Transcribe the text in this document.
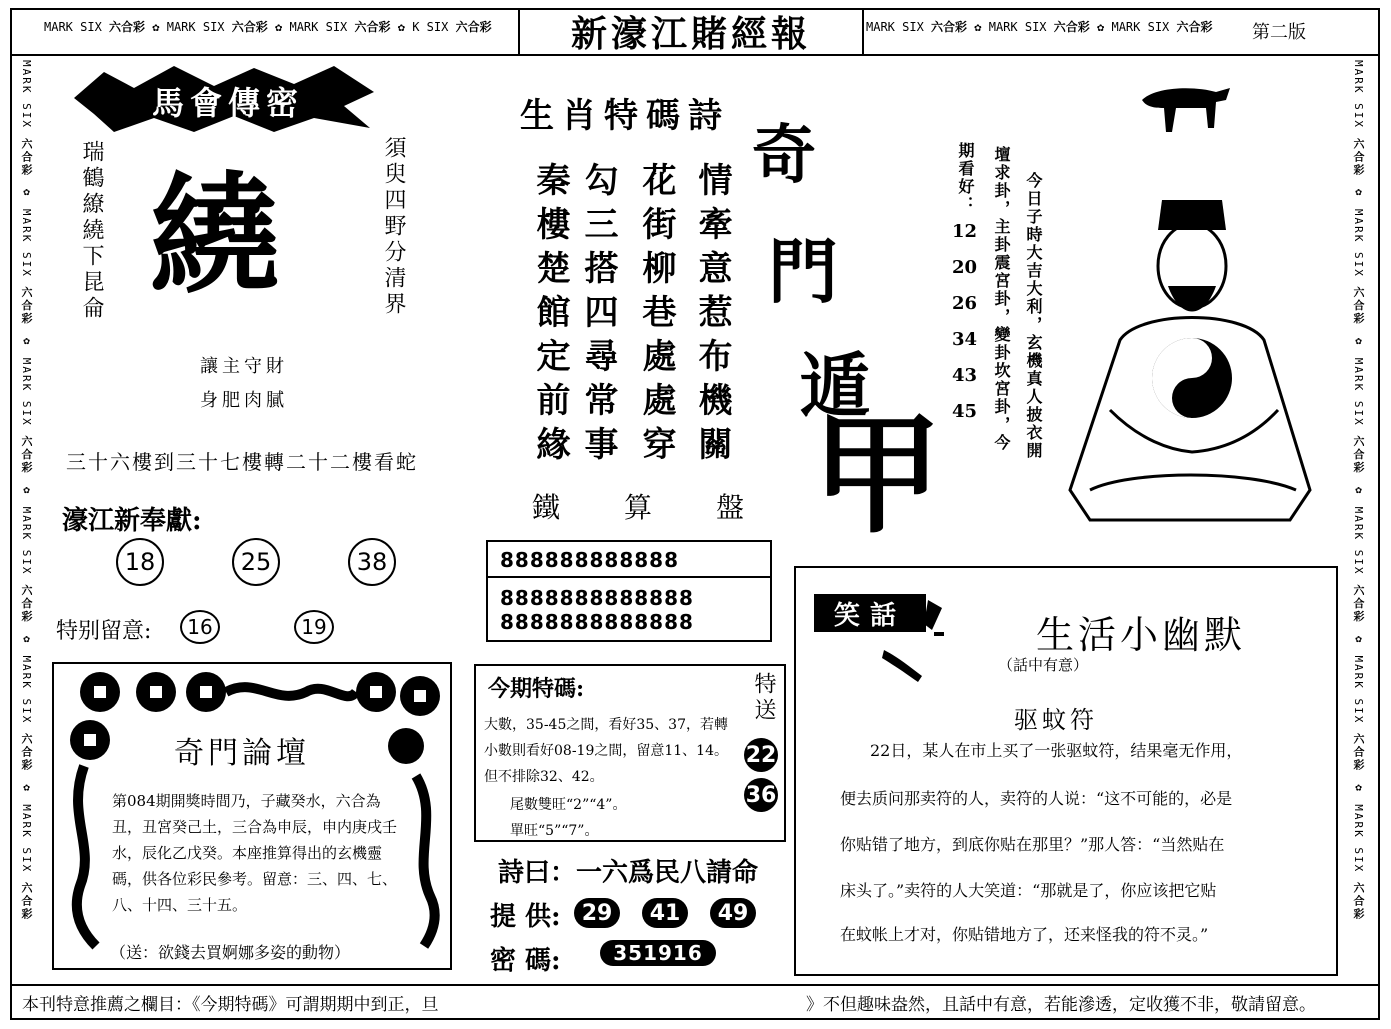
MARK SIX 六合彩 ✿ MARK SIX 六合彩 ✿ MARK SIX 六合彩 ✿ K SIX 六合彩	新濠江賭經報	MARK SIX 六合彩 ✿ MARK SIX 六合彩 ✿ MARK SIX 六合彩 第二版
MARK SIX 六合彩 ✿ MARK SIX 六合彩 ✿ MARK SIX 六合彩 ✿ MARK SIX 六合彩 ✿ MARK SIX 六合彩 ✿ MARK SIX 六合彩
MARK SIX 六合彩 ✿ MARK SIX 六合彩 ✿ MARK SIX 六合彩 ✿ MARK SIX 六合彩 ✿ MARK SIX 六合彩 ✿ MARK SIX 六合彩
馬會傳密
瑞鶴繚繞下昆侖	須臾四野分清界
繞
讓主守財
身肥肉膩
三十六樓到三十七樓轉二十二樓看蛇
濠江新奉獻:
18	25	38
特别留意:	16	19
生肖特碼詩
情牽意惹布機關
花街柳巷處處穿
勾三搭四尋常事
秦樓楚館定前緣
奇
門
遁
甲
今日子時大吉大利，玄機真人披衣開
壇求卦，主卦震宮卦，變卦坎宮卦，今
期看好：
12
20
26
34
43
45
鐵算盤
888888888888
8888888888888
8888888888888
奇門論壇
第084期開獎時間乃，子藏癸水，六合為丑，丑宮癸己土，三合為申辰，申内庚戌壬水，辰化乙戊癸。本座推算得出的玄機靈碼，供各位彩民參考。留意：三、四、七、八、十四、三十五。
（送：欲錢去買婀娜多姿的動物）
今期特碼:
大數，35-45之間，看好35、37，若轉小數則看好08-19之間，留意11、14。但不排除32、42。
尾數雙旺“2”“4”。
單旺“5”“7”。
特送
22
36
詩曰：一六爲民八請命
提 供: 29	41	49
密 碼:	351916
笑話	生活小幽默
（話中有意）
驱蚊符
22日，某人在市上买了一张驱蚊符，结果毫无作用，
便去质问那卖符的人，卖符的人说：“这不可能的，必是
你贴错了地方，到底你贴在那里？”那人答：“当然贴在
床头了。”卖符的人大笑道：“那就是了，你应该把它贴
在蚊帐上才对，你贴错地方了，还来怪我的符不灵。”
本刊特意推薦之欄目：《今期特碼》可謂期期中到正，旦	》不但趣味盎然，且話中有意，若能滲透，定收獲不非，敬請留意。
